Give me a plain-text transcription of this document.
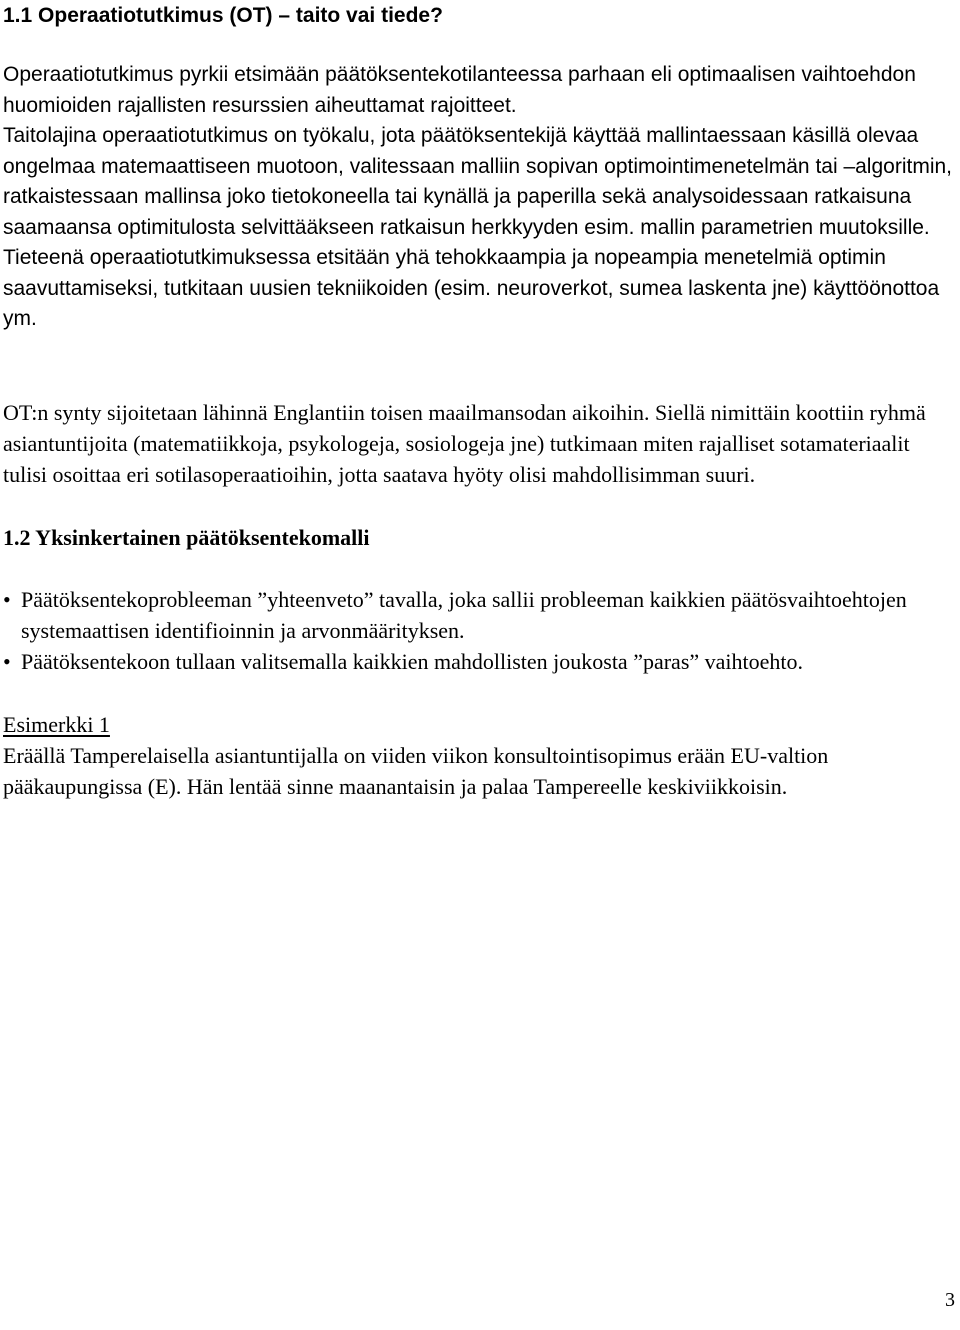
1.1 Operaatiotutkimus (OT) – taito vai tiede?

Operaatiotutkimus pyrkii etsimään päätöksentekotilanteessa parhaan eli optimaalisen vaihtoehdon huomioiden rajallisten resurssien aiheuttamat rajoitteet.

Taitolajina operaatiotutkimus on työkalu, jota päätöksentekijä käyttää mallintaessaan käsillä olevaa ongelmaa matemaattiseen muotoon, valitessaan malliin sopivan optimointimenetelmän tai –algoritmin, ratkaistessaan mallinsa joko tietokoneella tai kynällä ja paperilla sekä analysoidessaan ratkaisuna saamaansa optimitulosta selvittääkseen ratkaisun herkkyyden esim. mallin parametrien muutoksille.

Tieteenä operaatiotutkimuksessa etsitään yhä tehokkaampia ja nopeampia menetelmiä optimin saavuttamiseksi, tutkitaan uusien tekniikoiden (esim. neuroverkot, sumea laskenta jne) käyttöönottoa ym.

OT:n synty sijoitetaan lähinnä Englantiin toisen maailmansodan aikoihin. Siellä nimittäin koottiin ryhmä asiantuntijoita (matematiikkoja, psykologeja, sosiologeja jne) tutkimaan miten rajalliset sotamateriaalit tulisi osoittaa eri sotilasoperaatioihin, jotta saatava hyöty olisi mahdollisimman suuri.

1.2 Yksinkertainen päätöksentekomalli
• Päätöksentekoprobleeman ”yhteenveto” tavalla, joka sallii probleeman kaikkien päätösvaihtoehtojen systemaattisen identifioinnin ja arvonmäärityksen.
• Päätöksentekoon tullaan valitsemalla kaikkien mahdollisten joukosta ”paras” vaihtoehto.

Esimerkki 1

Eräällä Tamperelaisella asiantuntijalla on viiden viikon konsultointisopimus erään EU-valtion pääkaupungissa (E). Hän lentää sinne maanantaisin ja palaa Tampereelle keskiviikkoisin.

3
